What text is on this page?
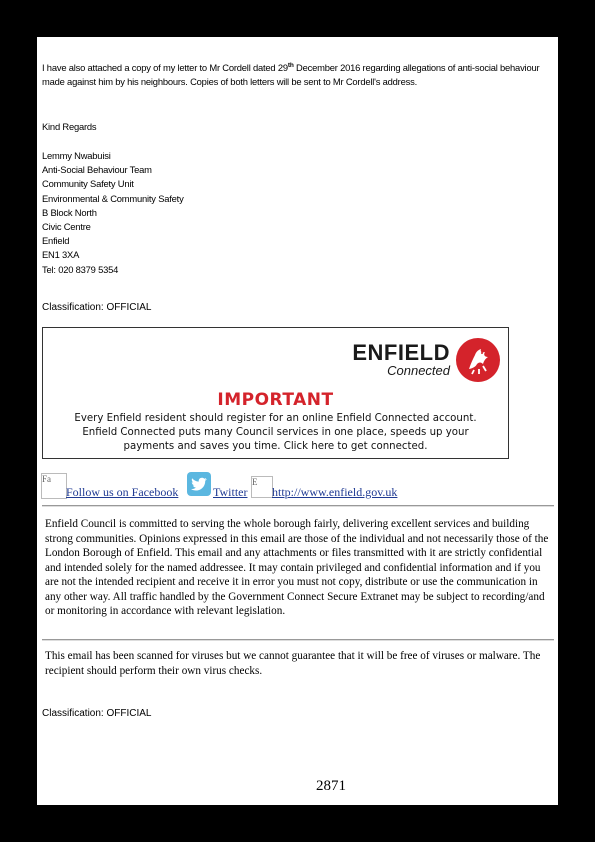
I have also attached a copy of my letter to Mr Cordell dated 29th December 2016 regarding allegations of anti-social behaviour made against him by his neighbours. Copies of both letters will be sent to Mr Cordell's address.
Kind Regards
Lemmy Nwabuisi
Anti-Social Behaviour Team
Community Safety Unit
Environmental & Community Safety
B Block North
Civic Centre
Enfield
EN1 3XA
Tel: 020 8379 5354
Classification: OFFICIAL
ENFIELD
Connected
IMPORTANT
Every Enfield resident should register for an online Enfield Connected account.
Enfield Connected puts many Council services in one place, speeds up your
payments and saves you time. Click here to get connected.
Fa
Follow us on Facebook	Twitter
E
http://www.enfield.gov.uk
Enfield Council is committed to serving the whole borough fairly, delivering excellent services and building strong communities. Opinions expressed in this email are those of the individual and not necessarily those of the London Borough of Enfield. This email and any attachments or files transmitted with it are strictly confidential and intended solely for the named addressee. It may contain privileged and confidential information and if you are not the intended recipient and receive it in error you must not copy, distribute or use the communication in any other way. All traffic handled by the Government Connect Secure Extranet may be subject to recording/and or monitoring in accordance with relevant legislation.
This email has been scanned for viruses but we cannot guarantee that it will be free of viruses or malware. The recipient should perform their own virus checks.
Classification: OFFICIAL
2871
